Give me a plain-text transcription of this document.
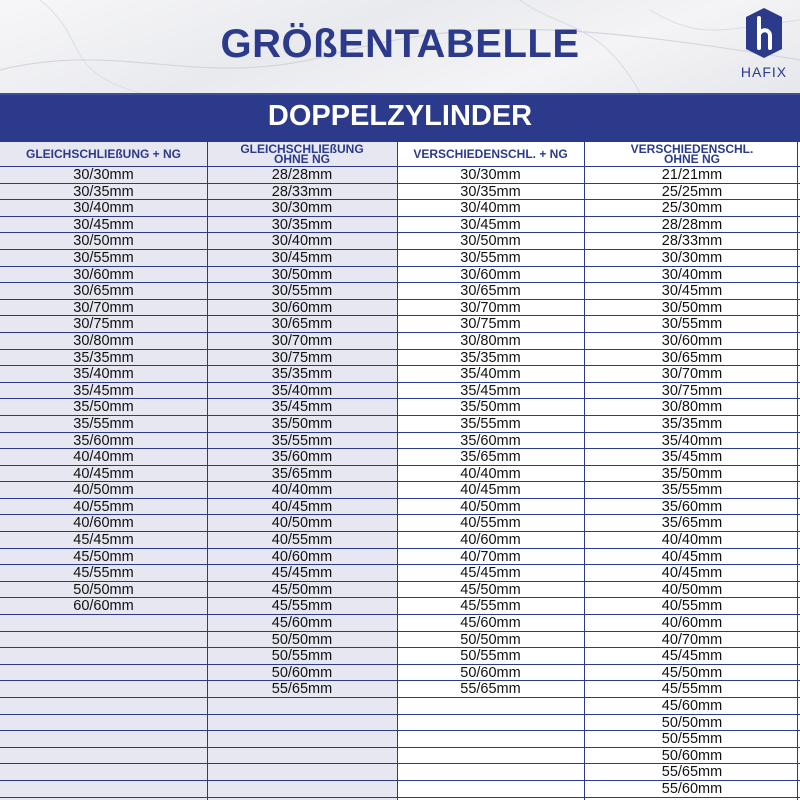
GRÖßENTABELLE
HAFIX
DOPPELZYLINDER
GLEICHSCHLIEßUNG + NG
30/30mm
30/35mm
30/40mm
30/45mm
30/50mm
30/55mm
30/60mm
30/65mm
30/70mm
30/75mm
30/80mm
35/35mm
35/40mm
35/45mm
35/50mm
35/55mm
35/60mm
40/40mm
40/45mm
40/50mm
40/55mm
40/60mm
45/45mm
45/50mm
45/55mm
50/50mm
60/60mm
GLEICHSCHLIEßUNG OHNE NG
28/28mm
28/33mm
30/30mm
30/35mm
30/40mm
30/45mm
30/50mm
30/55mm
30/60mm
30/65mm
30/70mm
30/75mm
35/35mm
35/40mm
35/45mm
35/50mm
35/55mm
35/60mm
35/65mm
40/40mm
40/45mm
40/50mm
40/55mm
40/60mm
45/45mm
45/50mm
45/55mm
45/60mm
50/50mm
50/55mm
50/60mm
55/65mm
VERSCHIEDENSCHL. + NG
30/30mm
30/35mm
30/40mm
30/45mm
30/50mm
30/55mm
30/60mm
30/65mm
30/70mm
30/75mm
30/80mm
35/35mm
35/40mm
35/45mm
35/50mm
35/55mm
35/60mm
35/65mm
40/40mm
40/45mm
40/50mm
40/55mm
40/60mm
40/70mm
45/45mm
45/50mm
45/55mm
45/60mm
50/50mm
50/55mm
50/60mm
55/65mm
VERSCHIEDENSCHL. OHNE NG
21/21mm
25/25mm
25/30mm
28/28mm
28/33mm
30/30mm
30/40mm
30/45mm
30/50mm
30/55mm
30/60mm
30/65mm
30/70mm
30/75mm
30/80mm
35/35mm
35/40mm
35/45mm
35/50mm
35/55mm
35/60mm
35/65mm
40/40mm
40/45mm
40/45mm
40/50mm
40/55mm
40/60mm
40/70mm
45/45mm
45/50mm
45/55mm
45/60mm
50/50mm
50/55mm
50/60mm
55/65mm
55/60mm
